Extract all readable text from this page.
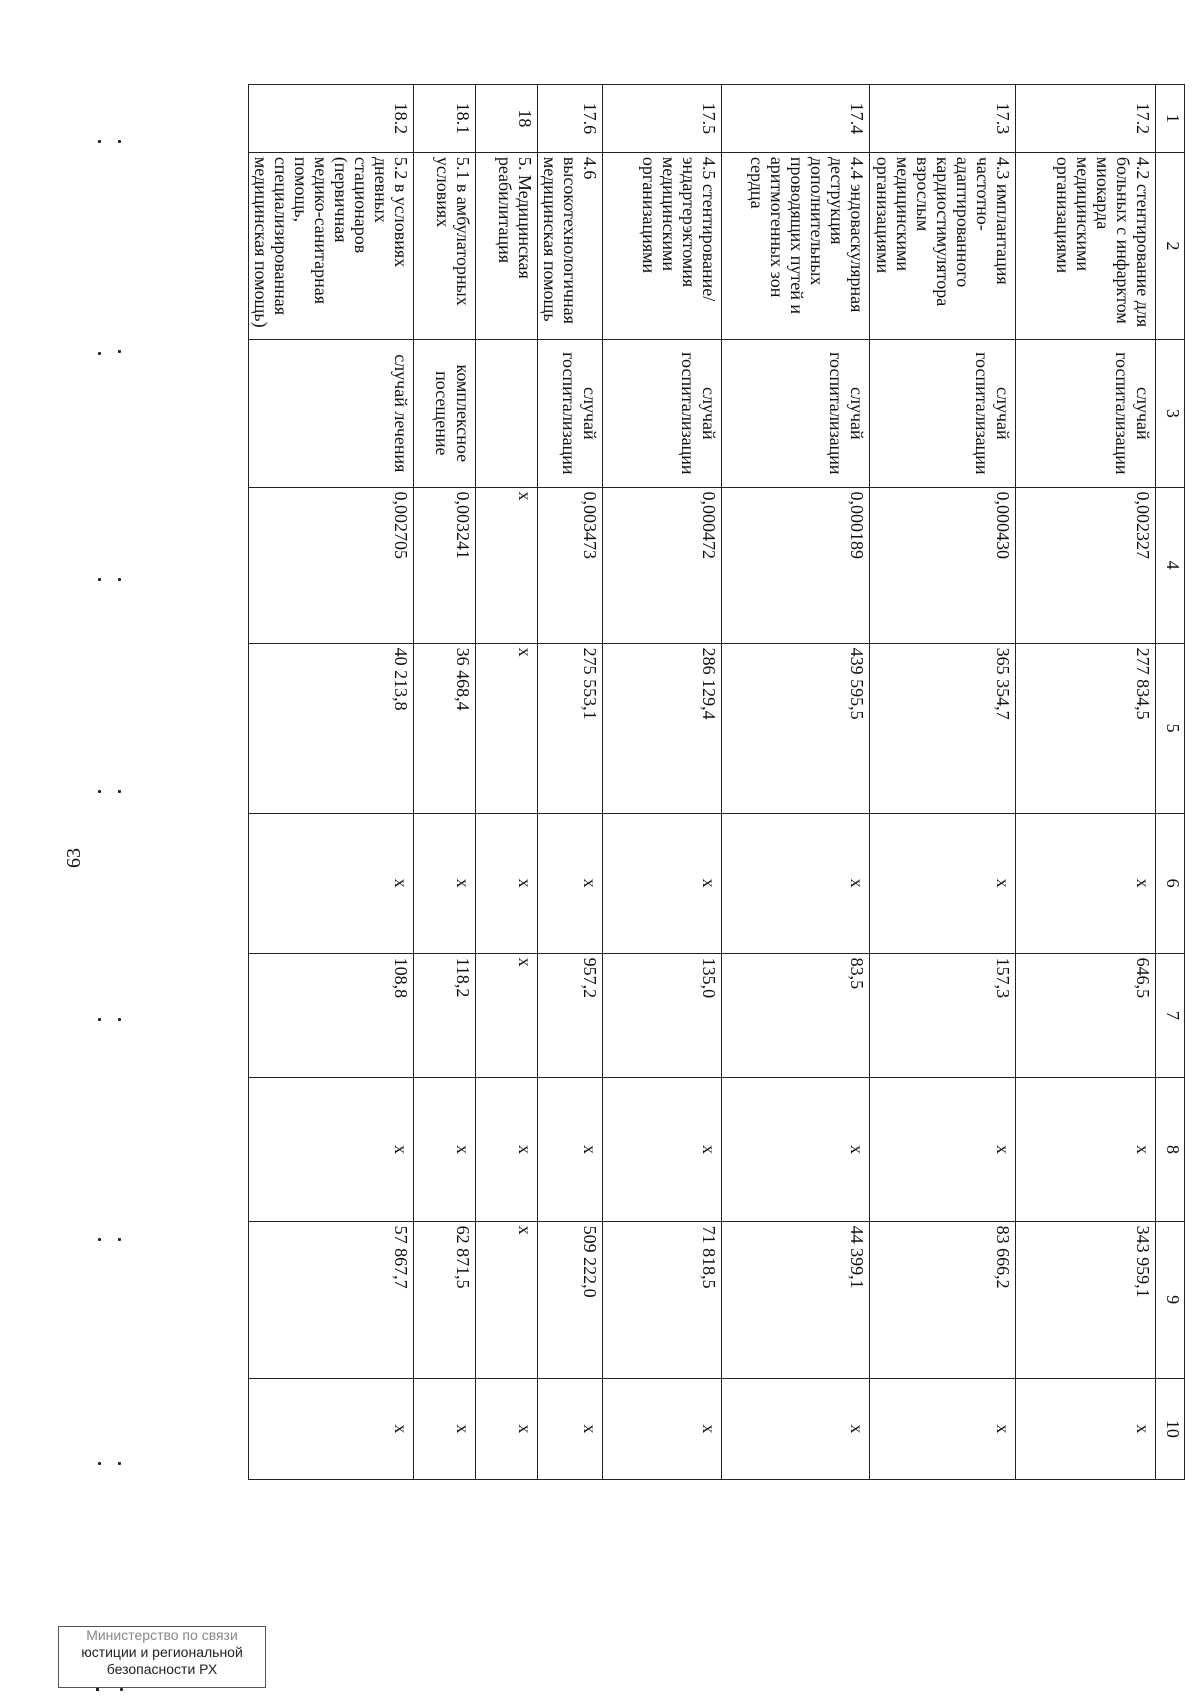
63
1	2	3	4	5	6	7	8	9	10
17.2	4.2 стентирование для
больных с инфарктом
миокарда медицинскими
организациями	случай
госпитализации	0,002327	277 834,5	x	646,5	x	343 959,1	x
17.3	4.3 имплантация частотно-
адаптированного
кардиостимулятора
взрослым медицинскими
организациями	случай
госпитализации	0,000430	365 354,7	x	157,3	x	83 666,2	x
17.4	4.4 эндоваскулярная
деструкция
дополнительных
проводящих путей и
аритмогенных зон сердца	случай
госпитализации	0,000189	439 595,5	x	83,5	x	44 399,1	x
17.5	4.5 стентирование/
эндартерэктомия
медицинскими
организациями	случай
госпитализации	0,000472	286 129,4	x	135,0	x	71 818,5	x
17.6	4.6 высокотехнологичная
медицинская помощь	случай
госпитализации	0,003473	275 553,1	x	957,2	x	509 222,0	x
18	5. Медицинская
реабилитация		x	x	x	x	x	x	x
18.1	5.1 в амбулаторных
условиях	комплексное
посещение	0,003241	36 468,4	x	118,2	x	62 871,5	x
18.2	5.2 в условиях дневных
стационаров (первичная
медико-санитарная помощь,
специализированная
медицинская помощь)	случай лечения	0,002705	40 213,8	x	108,8	x	57 867,7	x
Министерство по связи
юстиции и региональной
безопасности РХ
